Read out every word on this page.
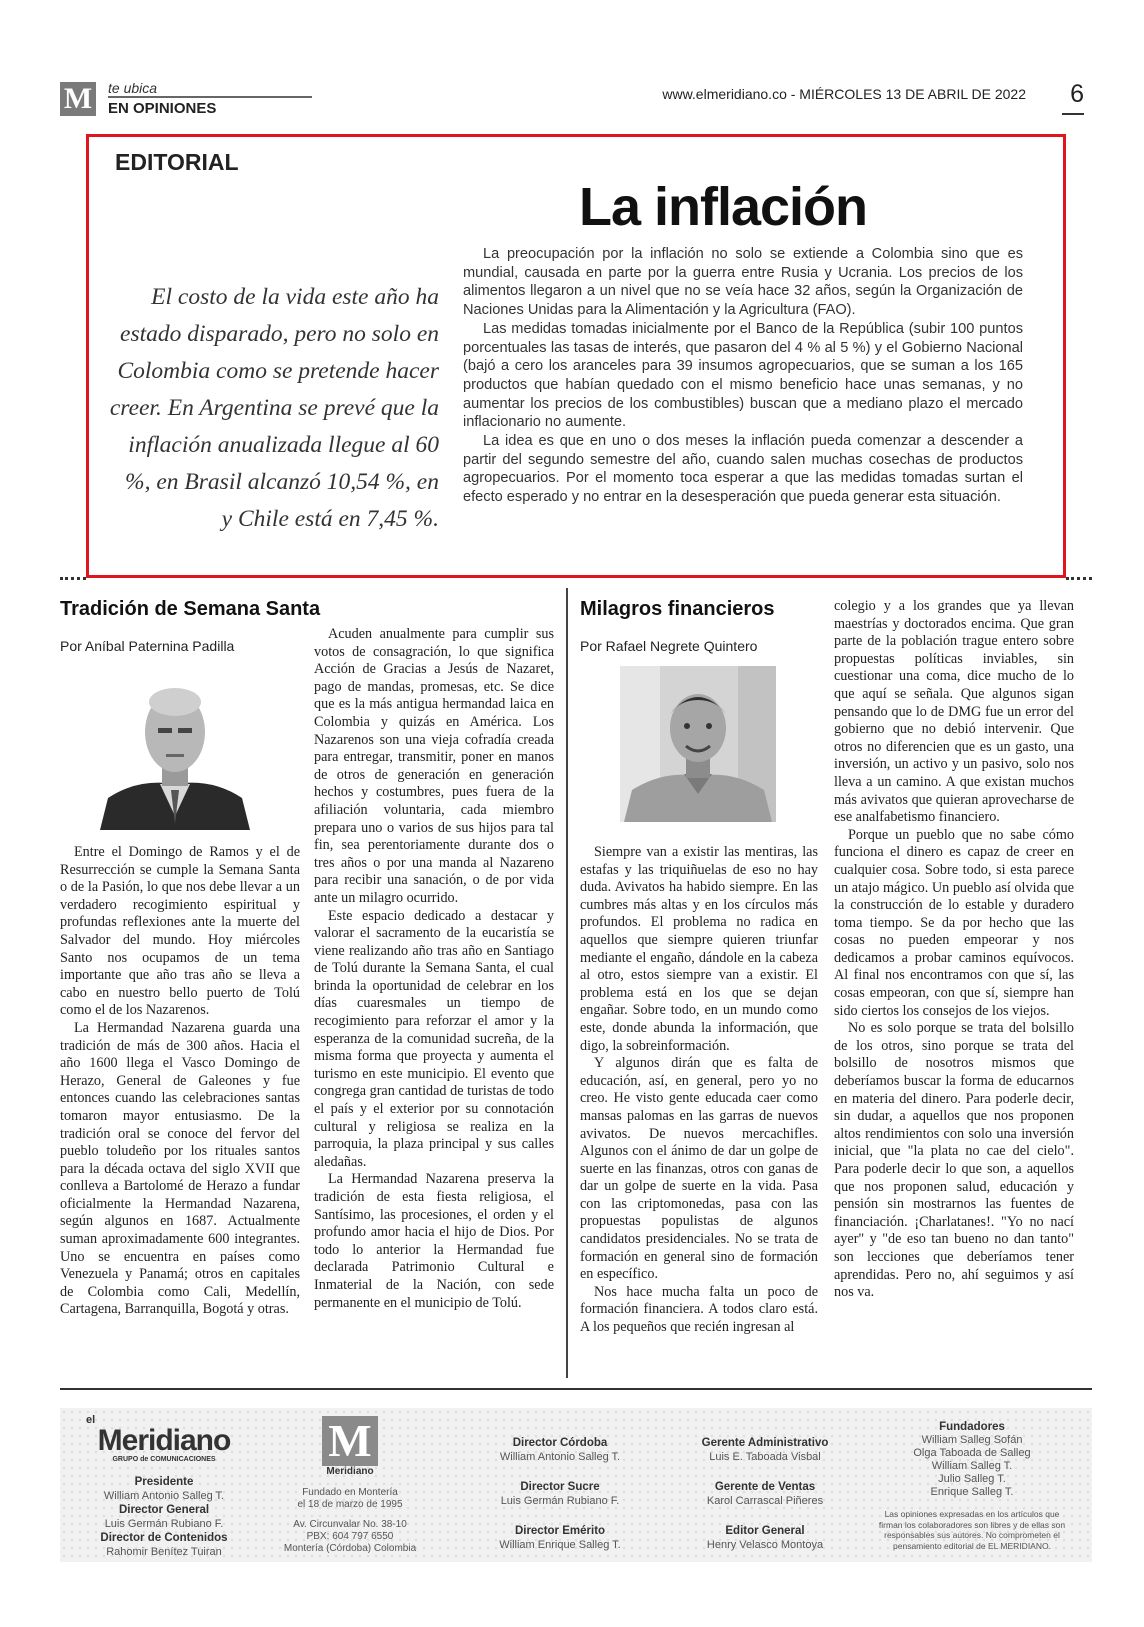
M te ubica
EN OPINIONES
www.elmeridiano.co - MIÉRCOLES 13 DE ABRIL DE 2022 6
EDITORIAL
La inflación
El costo de la vida este año ha estado disparado, pero no solo en Colombia como se pretende hacer creer. En Argentina se prevé que la inflación anualizada llegue al 60 %, en Brasil alcanzó 10,54 %, en y Chile está en 7,45 %.

La preocupación por la inflación no solo se extiende a Colombia sino que es mundial, causada en parte por la guerra entre Rusia y Ucrania. Los precios de los alimentos llegaron a un nivel que no se veía hace 32 años, según la Organización de Naciones Unidas para la Alimentación y la Agricultura (FAO).

Las medidas tomadas inicialmente por el Banco de la República (subir 100 puntos porcentuales las tasas de interés, que pasaron del 4 % al 5 %) y el Gobierno Nacional (bajó a cero los aranceles para 39 insumos agropecuarios, que se suman a los 165 productos que habían quedado con el mismo beneficio hace unas semanas, y no aumentar los precios de los combustibles) buscan que a mediano plazo el mercado inflacionario no aumente.

La idea es que en uno o dos meses la inflación pueda comenzar a descender a partir del segundo semestre del año, cuando salen muchas cosechas de productos agropecuarios. Por el momento toca esperar a que las medidas tomadas surtan el efecto esperado y no entrar en la desesperación que pueda generar esta situación.

Tradición de Semana Santa
Por Aníbal Paternina Padilla

Entre el Domingo de Ramos y el de Resurrección se cumple la Semana Santa o de la Pasión, lo que nos debe llevar a un verdadero recogimiento espiritual y profundas reflexiones ante la muerte del Salvador del mundo. Hoy miércoles Santo nos ocupamos de un tema importante que año tras año se lleva a cabo en nuestro bello puerto de Tolú como el de los Nazarenos.

La Hermandad Nazarena guarda una tradición de más de 300 años. Hacia el año 1600 llega el Vasco Domingo de Herazo, General de Galeones y fue entonces cuando las celebraciones santas tomaron mayor entusiasmo. De la tradición oral se conoce del fervor del pueblo toludeño por los rituales santos para la década octava del siglo XVII que conlleva a Bartolomé de Herazo a fundar oficialmente la Hermandad Nazarena, según algunos en 1687. Actualmente suman aproximadamente 600 integrantes. Uno se encuentra en países como Venezuela y Panamá; otros en capitales de Colombia como Cali, Medellín, Cartagena, Barranquilla, Bogotá y otras.

Acuden anualmente para cumplir sus votos de consagración, lo que significa Acción de Gracias a Jesús de Nazaret, pago de mandas, promesas, etc. Se dice que es la más antigua hermandad laica en Colombia y quizás en América. Los Nazarenos son una vieja cofradía creada para entregar, transmitir, poner en manos de otros de generación en generación hechos y costumbres, pues fuera de la afiliación voluntaria, cada miembro prepara uno o varios de sus hijos para tal fin, sea perentoriamente durante dos o tres años o por una manda al Nazareno para recibir una sanación, o de por vida ante un milagro ocurrido.

Este espacio dedicado a destacar y valorar el sacramento de la eucaristía se viene realizando año tras año en Santiago de Tolú durante la Semana Santa, el cual brinda la oportunidad de celebrar en los días cuaresmales un tiempo de recogimiento para reforzar el amor y la esperanza de la comunidad sucreña, de la misma forma que proyecta y aumenta el turismo en este municipio. El evento que congrega gran cantidad de turistas de todo el país y el exterior por su connotación cultural y religiosa se realiza en la parroquia, la plaza principal y sus calles aledañas.

La Hermandad Nazarena preserva la tradición de esta fiesta religiosa, el Santísimo, las procesiones, el orden y el profundo amor hacia el hijo de Dios. Por todo lo anterior la Hermandad fue declarada Patrimonio Cultural e Inmaterial de la Nación, con sede permanente en el municipio de Tolú.

Milagros financieros
Por Rafael Negrete Quintero

Siempre van a existir las mentiras, las estafas y las triquiñuelas de eso no hay duda. Avivatos ha habido siempre. En las cumbres más altas y en los círculos más profundos. El problema no radica en aquellos que siempre quieren triunfar mediante el engaño, dándole en la cabeza al otro, estos siempre van a existir. El problema está en los que se dejan engañar. Sobre todo, en un mundo como este, donde abunda la información, que digo, la sobreinformación.

Y algunos dirán que es falta de educación, así, en general, pero yo no creo. He visto gente educada caer como mansas palomas en las garras de nuevos avivatos. De nuevos mercachifles. Algunos con el ánimo de dar un golpe de suerte en las finanzas, otros con ganas de dar un golpe de suerte en la vida. Pasa con las criptomonedas, pasa con las propuestas populistas de algunos candidatos presidenciales. No se trata de formación en general sino de formación en específico.

Nos hace mucha falta un poco de formación financiera. A todos claro está. A los pequeños que recién ingresan al

colegio y a los grandes que ya llevan maestrías y doctorados encima. Que gran parte de la población trague entero sobre propuestas políticas inviables, sin cuestionar una coma, dice mucho de lo que aquí se señala. Que algunos sigan pensando que lo de DMG fue un error del gobierno que no debió intervenir. Que otros no diferencien que es un gasto, una inversión, un activo y un pasivo, solo nos lleva a un camino. A que existan muchos más avivatos que quieran aprovecharse de ese analfabetismo financiero.

Porque un pueblo que no sabe cómo funciona el dinero es capaz de creer en cualquier cosa. Sobre todo, si esta parece un atajo mágico. Un pueblo así olvida que la construcción de lo estable y duradero toma tiempo. Se da por hecho que las cosas no pueden empeorar y nos dedicamos a probar caminos equívocos. Al final nos encontramos con que sí, las cosas empeoran, con que sí, siempre han sido ciertos los consejos de los viejos.

No es solo porque se trata del bolsillo de los otros, sino porque se trata del bolsillo de nosotros mismos que deberíamos buscar la forma de educarnos en materia del dinero. Para poderle decir, sin dudar, a aquellos que nos proponen altos rendimientos con solo una inversión inicial, que "la plata no cae del cielo". Para poderle decir lo que son, a aquellos que nos proponen salud, educación y pensión sin mostrarnos las fuentes de financiación. ¡Charlatanes!. "Yo no nací ayer" y "de eso tan bueno no dan tanto" son lecciones que deberíamos tener aprendidas. Pero no, ahí seguimos y así nos va.

el
Meridiano
GRUPO de COMUNICACIONES
Presidente
William Antonio Salleg T.
Director General
Luis Germán Rubiano F.
Director de Contenidos
Rahomir Benítez Tuiran
M
Meridiano
Fundado en Montería
el 18 de marzo de 1995
Av. Circunvalar No. 38-10
PBX: 604 797 6550
Montería (Córdoba) Colombia
Director Córdoba
William Antonio Salleg T.
Director Sucre
Luis Germán Rubiano F.
Director Emérito
William Enrique Salleg T.
Gerente Administrativo
Luis E. Taboada Visbal
Gerente de Ventas
Karol Carrascal Piñeres
Editor General
Henry Velasco Montoya
Fundadores
William Salleg Sofán
Olga Taboada de Salleg
William Salleg T.
Julio Salleg T.
Enrique Salleg T.
Las opiniones expresadas en los artículos que firman los colaboradores son libres y de ellas son responsables sus autores. No comprometen el pensamiento editorial de EL MERIDIANO.
